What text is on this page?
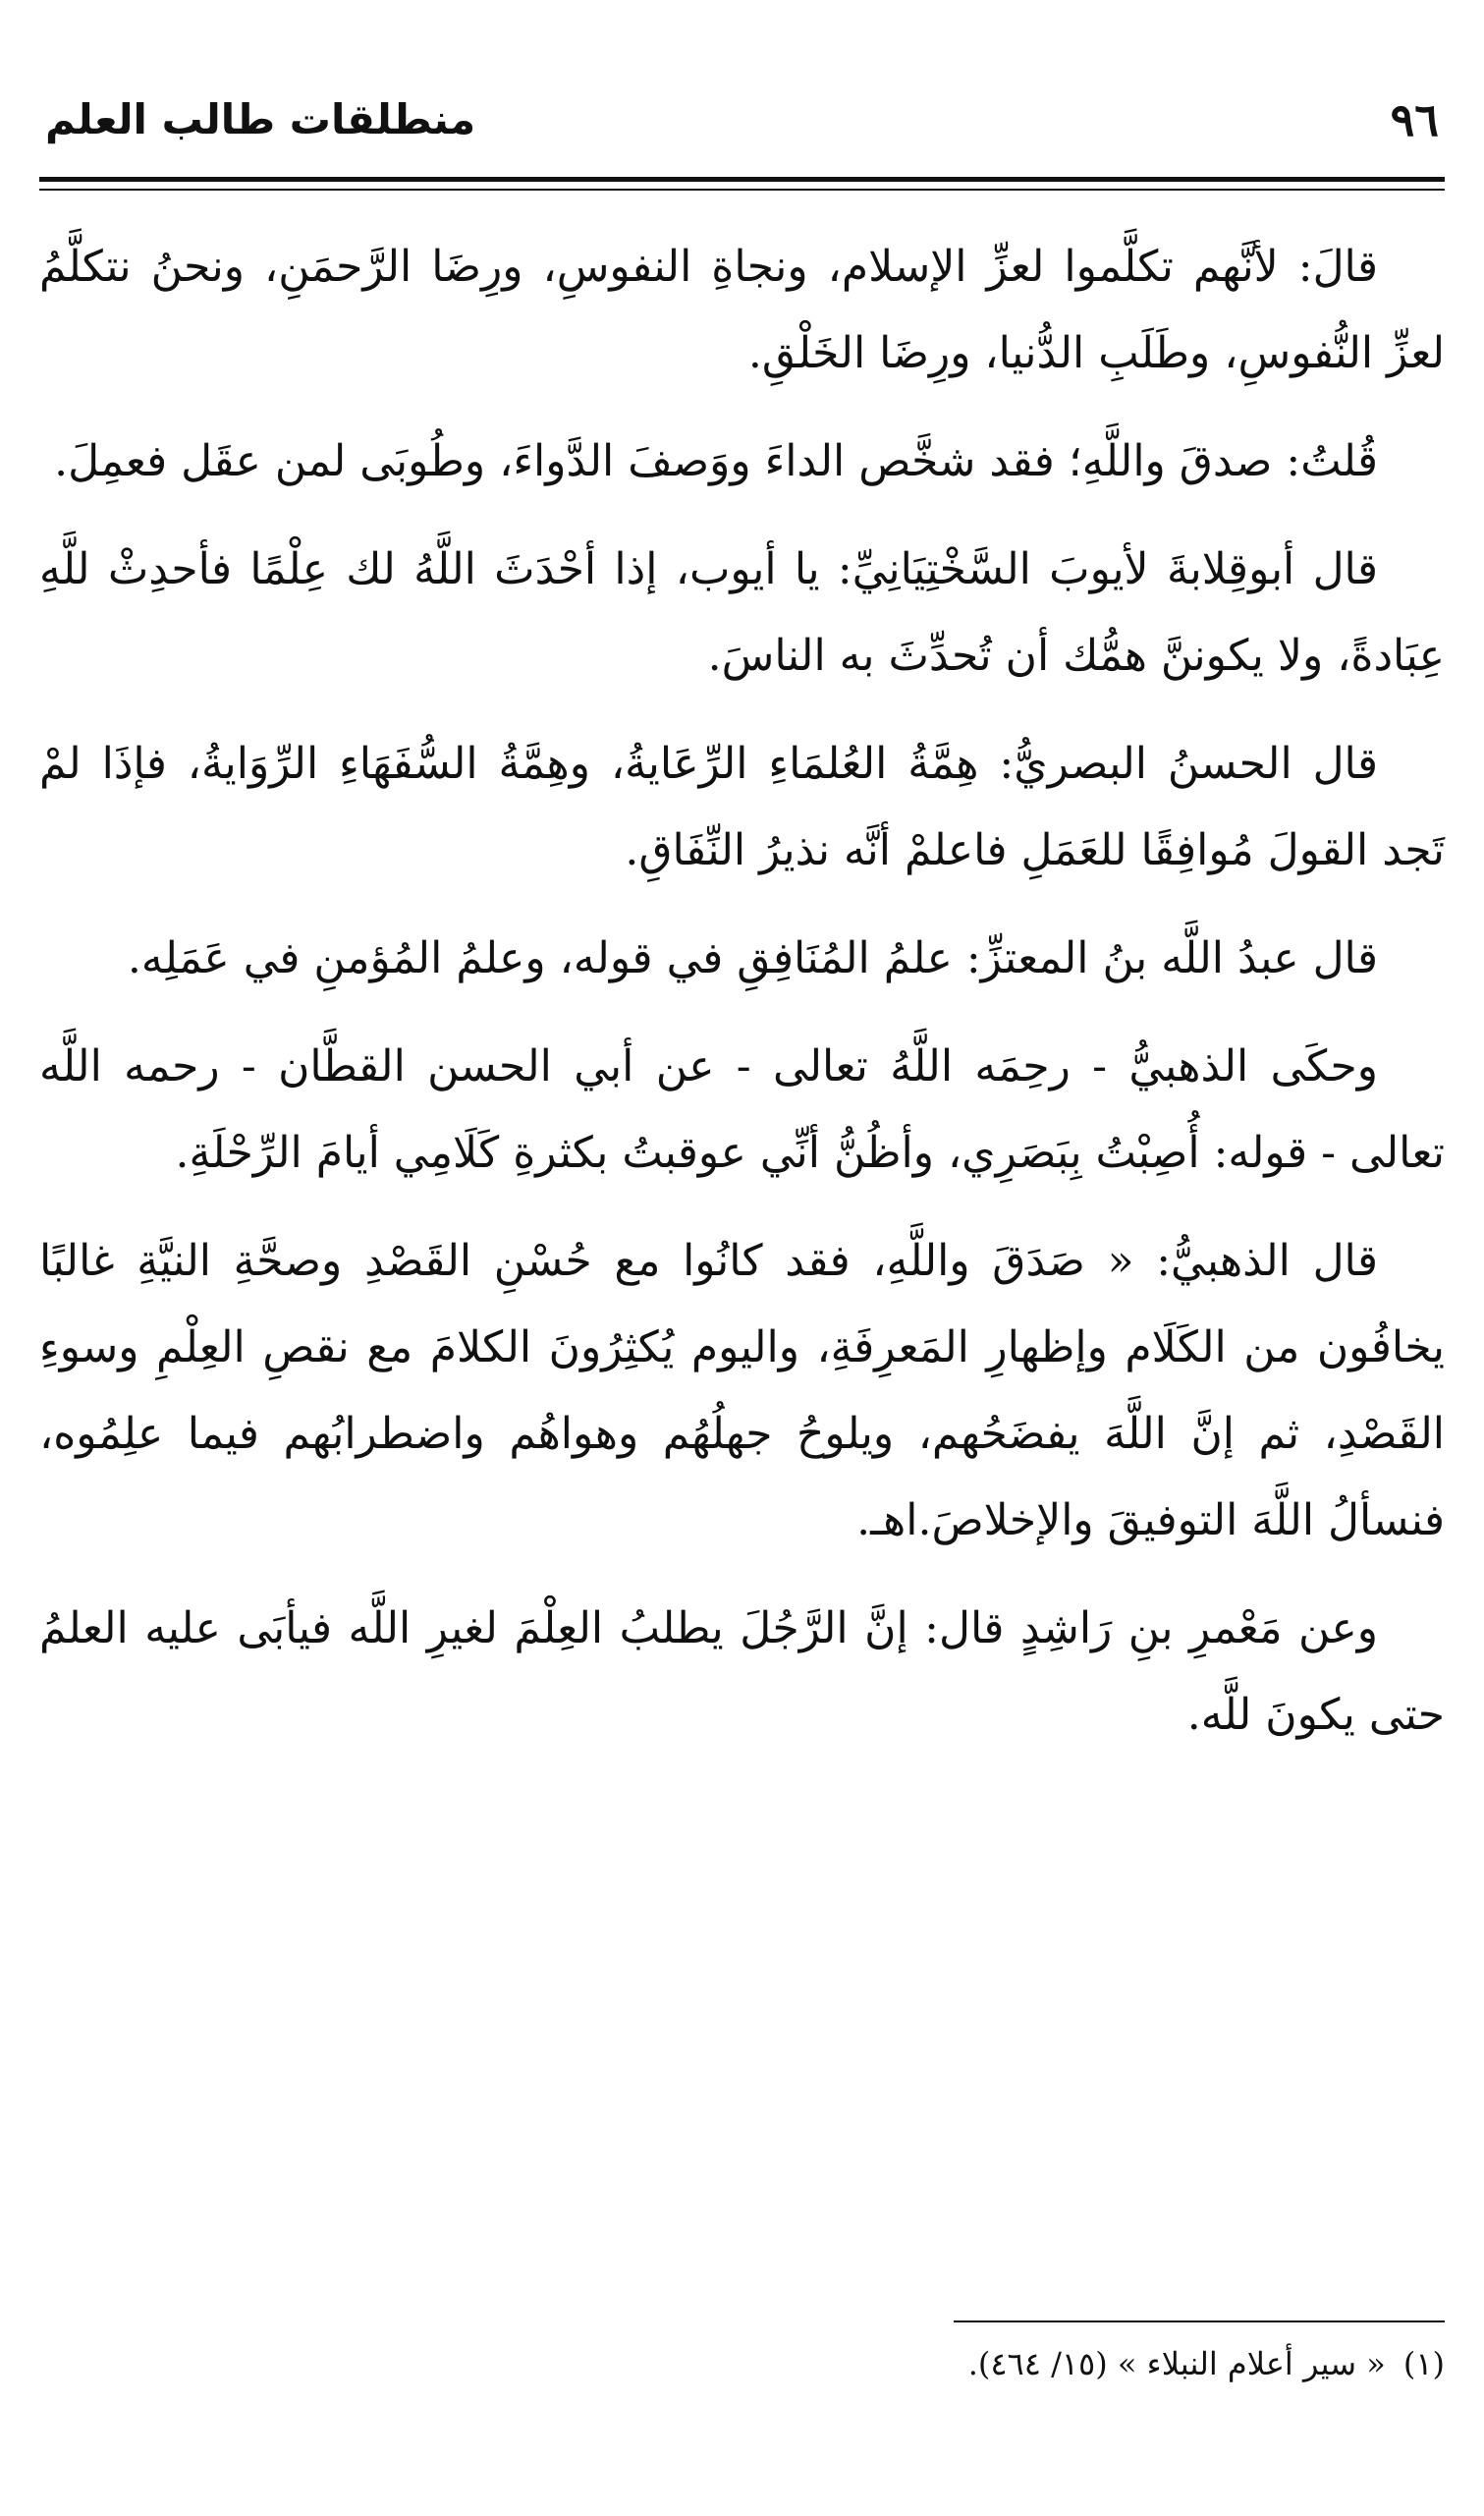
٩٦
منطلقات طالب العلم

قالَ: لأنَّهم تكلَّموا لعزِّ الإسلام، ونجاةِ النفوسِ، ورِضَا الرَّحمَنِ، ونحنُ نتكلَّمُ لعزِّ النُّفوسِ، وطَلَبِ الدُّنيا، ورِضَا الخَلْقِ.

قُلتُ: صدقَ واللَّهِ؛ فقد شخَّص الداءَ ووَصفَ الدَّواءَ، وطُوبَى لمن عقَل فعمِلَ.

قال أبوقِلابةَ لأيوبَ السَّخْتِيَانِيِّ: يا أيوب، إذا أحْدَثَ اللَّهُ لك عِلْمًا فأحدِثْ للَّهِ عِبَادةً، ولا يكوننَّ همُّك أن تُحدِّثَ به الناسَ.

قال الحسنُ البصريُّ: هِمَّةُ العُلمَاءِ الرِّعَايةُ، وهِمَّةُ السُّفَهَاءِ الرِّوَايةُ، فإذَا لمْ تَجد القولَ مُوافِقًا للعَمَلِ فاعلمْ أنَّه نذيرُ النِّفَاقِ.

قال عبدُ اللَّه بنُ المعتزِّ: علمُ المُنَافِقِ في قوله، وعلمُ المُؤمنِ في عَمَلِه.

وحكَى الذهبيُّ - رحِمَه اللَّهُ تعالى - عن أبي الحسن القطَّان - رحمه اللَّه تعالى - قوله: أُصِبْتُ بِبَصَرِي، وأظُنُّ أنِّي عوقبتُ بكثرةِ كَلَامِي أيامَ الرِّحْلَةِ.

قال الذهبيُّ: « صَدَقَ واللَّهِ، فقد كانُوا مع حُسْنِ القَصْدِ وصحَّةِ النيَّةِ غالبًا يخافُون من الكَلَام وإظهارِ المَعرِفَةِ، واليوم يُكثِرُونَ الكلامَ مع نقصِ العِلْمِ وسوءِ القَصْدِ، ثم إنَّ اللَّهَ يفضَحُهم، ويلوحُ جهلُهُم وهواهُم واضطرابُهم فيما علِمُوه، فنسألُ اللَّهَ التوفيقَ والإخلاصَ.اهـ.

وعن مَعْمرِ بنِ رَاشِدٍ قال: إنَّ الرَّجُلَ يطلبُ العِلْمَ لغيرِ اللَّه فيأبَى عليه العلمُ حتى يكونَ للَّه.

(١)« سير أعلام النبلاء » (١٥/ ٤٦٤).
